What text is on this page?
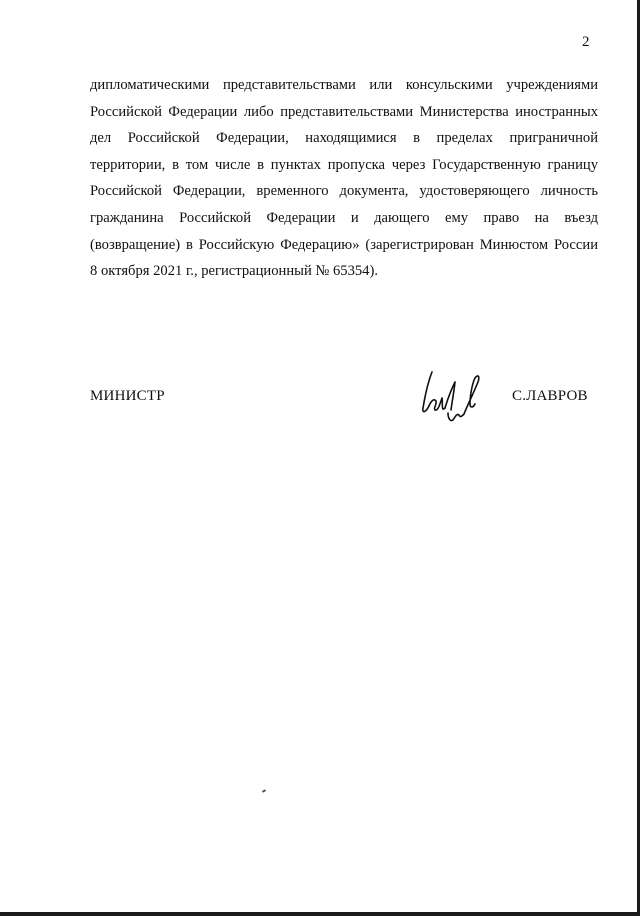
2
дипломатическими представительствами или консульскими учреждениями
Российской Федерации либо представительствами Министерства иностранных
дел Российской Федерации, находящимися в пределах приграничной
территории, в том числе в пунктах пропуска через Государственную границу
Российской Федерации, временного документа, удостоверяющего личность
гражданина Российской Федерации и дающего ему право на въезд
(возвращение) в Российскую Федерацию» (зарегистрирован Минюстом России
8 октября 2021 г., регистрационный № 65354).
МИНИСТР	С.ЛАВРОВ
